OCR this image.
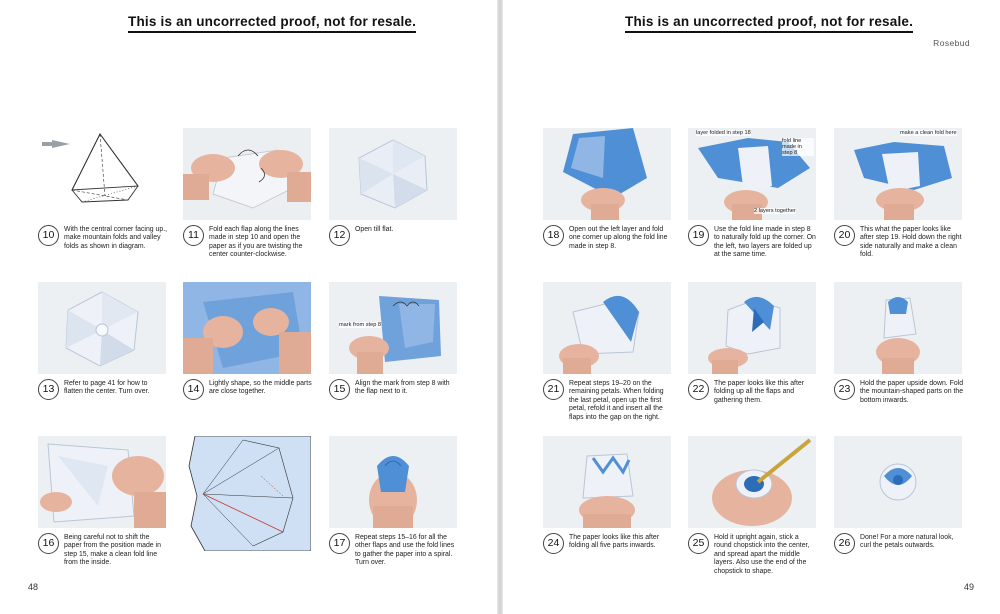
This is an uncorrected proof, not for resale.
10	With the central corner facing up., make mountain folds and valley folds as shown in diagram.
11	Fold each flap along the lines made in step 10 and open the paper as if you are twisting the center counter-clockwise.
12	Open till flat.
13	Refer to page 41 for how to flatten the center. Turn over.	14	Lightly shape, so the middle parts are close together.
mark from step 8
15	Align the mark from step 8 with the flap next to it.
16	Being careful not to shift the paper from the position made in step 15, make a clean fold line from the inside.
17	Repeat steps 15–16 for all the other flaps and use the fold lines to gather the paper into a spiral. Turn over.
48
This is an uncorrected proof, not for resale.
Rosebud
18	Open out the left layer and fold one corner up along the fold line made in step 8.
layer folded in step 18
fold line made in step 8
2 layers together
19	Use the fold line made in step 8 to naturally fold up the corner. On the left, two layers are folded up at the same time.
make a clean fold here
20	This what the paper looks like after step 19. Hold down the right side naturally and make a clean fold.
21	Repeat steps 19–20 on the remaining petals. When folding the last petal, open up the first petal, refold it and insert all the flaps into the gap on the right.
22	The paper looks like this after folding up all the flaps and gathering them.
23	Hold the paper upside down. Fold the mountain-shaped parts on the bottom inwards.
24	The paper looks like this after folding all five parts inwards.	25	Hold it upright again, stick a round chopstick into the center, and spread apart the middle layers. Also use the end of the chopstick to shape.
26	Done! For a more natural look, curl the petals outwards.
49
